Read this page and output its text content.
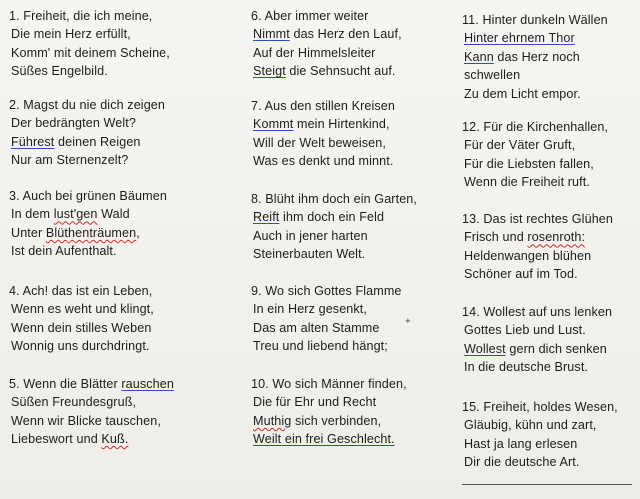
1. Freiheit, die ich meine,
Die mein Herz erfüllt,
Komm' mit deinem Scheine,
Süßes Engelbild.
2. Magst du nie dich zeigen
Der bedrängten Welt?
Führest deinen Reigen
Nur am Sternenzelt?
3. Auch bei grünen Bäumen
In dem lust'gen Wald
Unter Blüthenträumen,
Ist dein Aufenthalt.
4. Ach! das ist ein Leben,
Wenn es weht und klingt,
Wenn dein stilles Weben
Wonnig uns durchdringt.
5. Wenn die Blätter rauschen
Süßen Freundesgruß,
Wenn wir Blicke tauschen,
Liebeswort und Kuß.
6. Aber immer weiter
Nimmt das Herz den Lauf,
Auf der Himmelsleiter
Steigt die Sehnsucht auf.
7. Aus den stillen Kreisen
Kommt mein Hirtenkind,
Will der Welt beweisen,
Was es denkt und minnt.
8. Blüht ihm doch ein Garten,
Reift ihm doch ein Feld
Auch in jener harten
Steinerbauten Welt.
9. Wo sich Gottes Flamme
In ein Herz gesenkt,
Das am alten Stamme
Treu und liebend hängt;
10. Wo sich Männer finden,
Die für Ehr und Recht
Muthig sich verbinden,
Weilt ein frei Geschlecht.
11. Hinter dunkeln Wällen
Hinter ehrnem Thor
Kann das Herz noch
schwellen
Zu dem Licht empor.
12. Für die Kirchenhallen,
Für der Väter Gruft,
Für die Liebsten fallen,
Wenn die Freiheit ruft.
13. Das ist rechtes Glühen
Frisch und rosenroth:
Heldenwangen blühen
Schöner auf im Tod.
14. Wollest auf uns lenken
Gottes Lieb und Lust.
Wollest gern dich senken
In die deutsche Brust.
15. Freiheit, holdes Wesen,
Gläubig, kühn und zart,
Hast ja lang erlesen
Dir die deutsche Art.
✦
